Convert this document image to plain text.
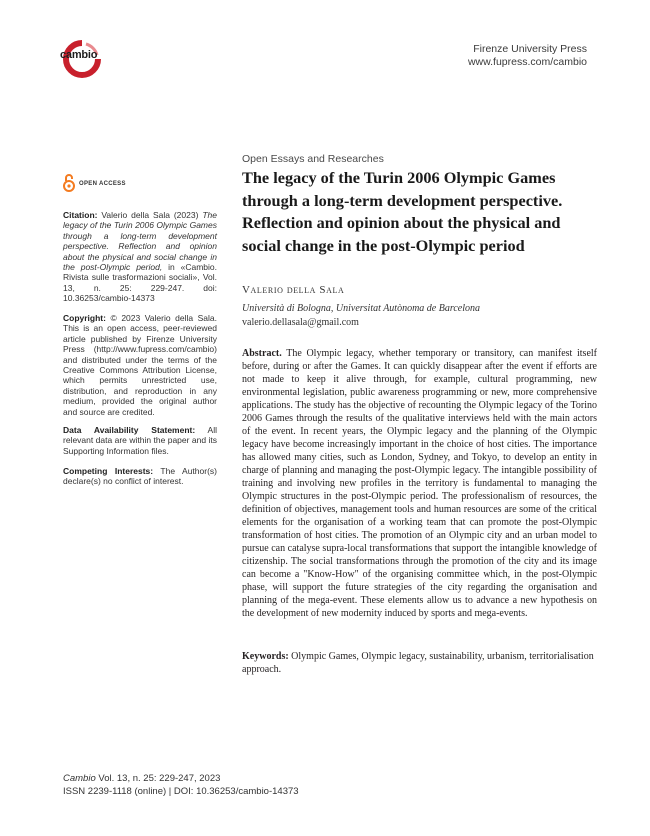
cambio	Firenze University Press
www.fupress.com/cambio
OPEN ACCESS

Citation: Valerio della Sala (2023) The legacy of the Turin 2006 Olympic Games through a long-term development perspective. Reflection and opinion about the physical and social change in the post-Olympic period, in «Cambio. Rivista sulle trasformazioni sociali», Vol. 13, n. 25: 229-247. doi: 10.36253/cambio-14373

Copyright: © 2023 Valerio della Sala. This is an open access, peer-reviewed article published by Firenze University Press (http://www.fupress.com/cambio) and distributed under the terms of the Creative Commons Attribution License, which permits unrestricted use, distribution, and reproduction in any medium, provided the original author and source are credited.

Data Availability Statement: All relevant data are within the paper and its Supporting Information files.

Competing Interests: The Author(s) declare(s) no conflict of interest.

Open Essays and Researches
The legacy of the Turin 2006 Olympic Games through a long-term development perspective. Reflection and opinion about the physical and social change in the post-Olympic period
Valerio della Sala
Università di Bologna, Universitat Autònoma de Barcelona
valerio.dellasala@gmail.com

Abstract. The Olympic legacy, whether temporary or transitory, can manifest itself before, during or after the Games. It can quickly disappear after the event if efforts are not made to keep it alive through, for example, cultural programming, new environmental legislation, public awareness programming or new, more comprehensive applications. The study has the objective of recounting the Olympic legacy of the Torino 2006 Games through the results of the qualitative interviews held with the main actors of the event. In recent years, the Olympic legacy and the planning of the Olympic legacy have become increasingly important in the choice of host cities. The importance has allowed many cities, such as London, Sydney, and Tokyo, to develop an entity in charge of planning and managing the post-Olympic legacy. The intangible possibility of training and involving new profiles in the territory is fundamental to managing the Olympic structures in the post-Olympic period. The professionalism of resources, the definition of objectives, management tools and human resources are some of the critical elements for the organisation of a working team that can promote the post-Olympic transformation of host cities. The promotion of an Olympic city and an urban model to pursue can catalyse supra-local transformations that support the intangible knowledge of citizenship. The social transformations through the promotion of the city and its image can become a "Know-How" of the organising committee which, in the post-Olympic phase, will support the future strategies of the city regarding the organisation and planning of the mega-event. These elements allow us to advance a new hypothesis on the development of new modernity induced by sports and mega-events.

Keywords: Olympic Games, Olympic legacy, sustainability, urbanism, territorialisation approach.
Cambio Vol. 13, n. 25: 229-247, 2023
ISSN 2239-1118 (online) | DOI: 10.36253/cambio-14373
